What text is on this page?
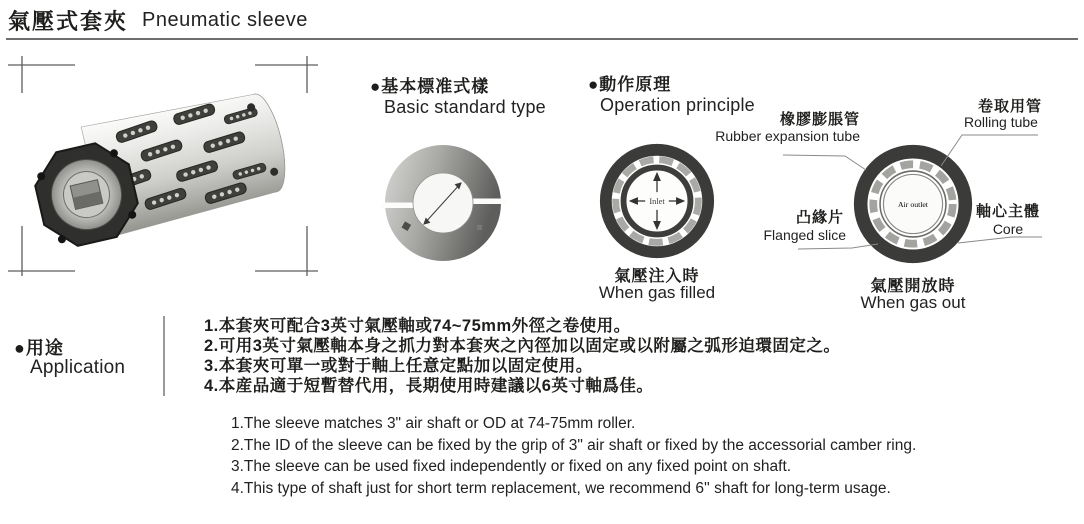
氣壓式套夾 Pneumatic sleeve
●基本標准式樣
Basic standard type
●動作原理
Operation principle
Inlet
氣壓注入時
When gas filled
Air outlet
氣壓開放時
When gas out
橡膠膨脹管
Rubber expansion tube
卷取用管
Rolling tube
凸緣片
Flanged slice
軸心主體
Core
●用途
Application
1.本套夾可配合3英寸氣壓軸或74~75mm外徑之卷使用。
2.可用3英寸氣壓軸本身之抓力對本套夾之內徑加以固定或以附屬之弧形迫環固定之。
3.本套夾可單一或對于軸上任意定點加以固定使用。
4.本産品適于短暫替代用，長期使用時建議以6英寸軸爲佳。
1.The sleeve matches 3" air shaft or OD at 74-75mm roller.
2.The ID of the sleeve can be fixed by the grip of 3" air shaft or fixed by the accessorial camber ring.
3.The sleeve can be used fixed independently or fixed on any fixed point on shaft.
4.This type of shaft just for short term replacement, we recommend 6'' shaft for long-term usage.
